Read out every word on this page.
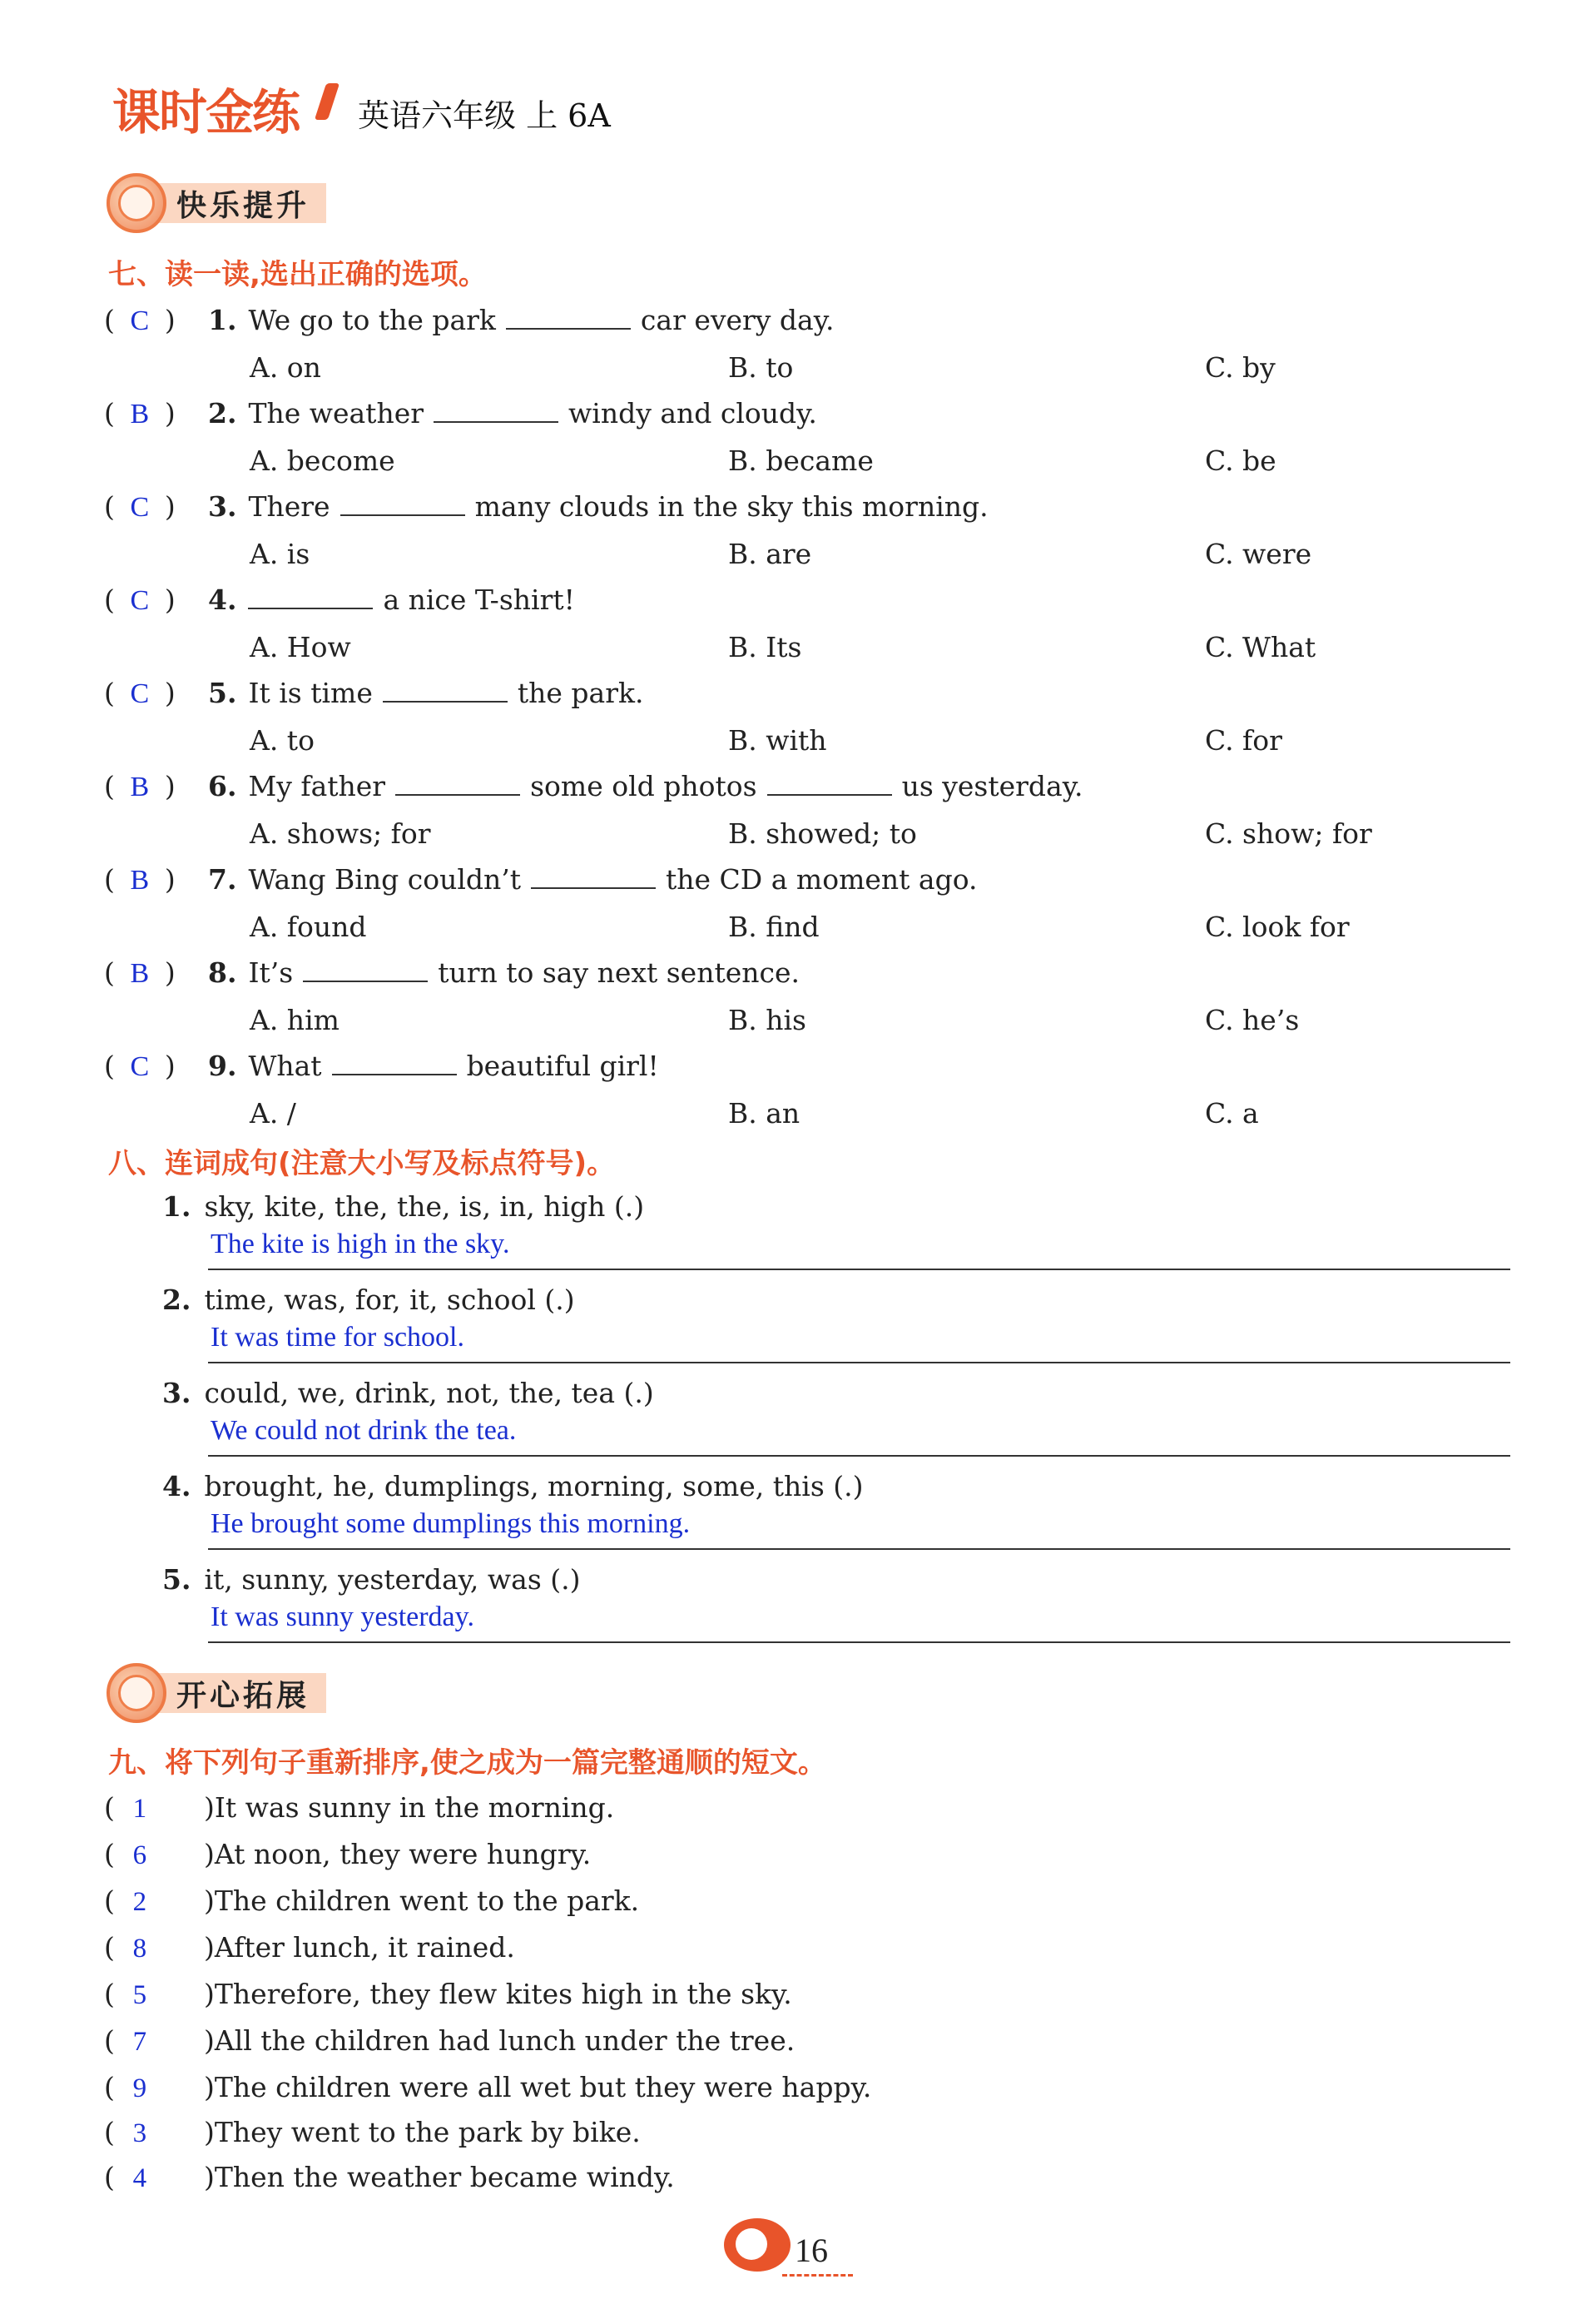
课时金练 英语六年级 上 6A
快乐提升
七、读一读,选出正确的选项。
( C )	1. We go to the park	car every day.
A. on	B. to	C. by
( B )	2. The weather	windy and cloudy.
A. become	B. became	C. be
( C )	3. There	many clouds in the sky this morning.
A. is	B. are	C. were
( C )	4.	a nice T-shirt!
A. How	B. Its	C. What
( C )	5. It is time	the park.
A. to	B. with	C. for
( B )	6. My father	some old photos	us yesterday.
A. shows; for	B. showed; to	C. show; for
( B )	7. Wang Bing couldn’t	the CD a moment ago.
A. found	B. find	C. look for
( B )	8. It’s	turn to say next sentence.
A. him	B. his	C. he’s
( C )	9. What	beautiful girl!
A. /	B. an	C. a
八、连词成句(注意大小写及标点符号)。
1. sky, kite, the, the, is, in, high (.)
The kite is high in the sky.
2. time, was, for, it, school (.)
It was time for school.
3. could, we, drink, not, the, tea (.)
We could not drink the tea.
4. brought, he, dumplings, morning, some, this (.)
He brought some dumplings this morning.
5. it, sunny, yesterday, was (.)
It was sunny yesterday.
开心拓展
九、将下列句子重新排序,使之成为一篇完整通顺的短文。
( 1	)It was sunny in the morning.
( 6	)At noon, they were hungry.
( 2	)The children went to the park.
( 8	)After lunch, it rained.
( 5	)Therefore, they flew kites high in the sky.
( 7	)All the children had lunch under the tree.
( 9	)The children were all wet but they were happy.
( 3	)They went to the park by bike.
( 4	)Then the weather became windy.
16
